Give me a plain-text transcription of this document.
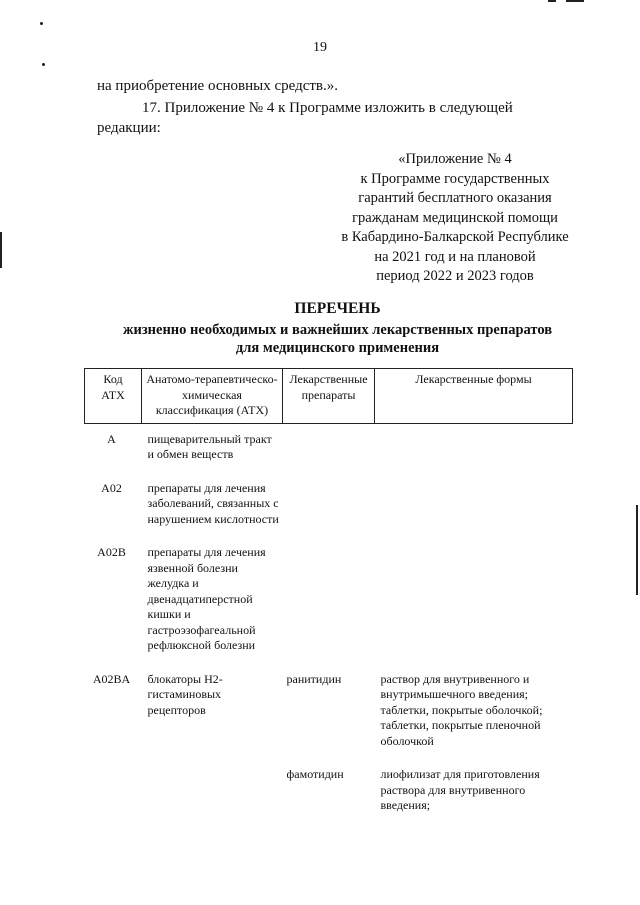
19
на приобретение основных средств.».
17. Приложение № 4 к Программе изложить в следующей
редакции:
«Приложение № 4
к Программе государственных
гарантий бесплатного оказания
гражданам медицинской помощи
в Кабардино-Балкарской Республике
на 2021 год и на плановой
период 2022 и 2023 годов
ПЕРЕЧЕНЬ
жизненно необходимых и важнейших лекарственных препаратов
для медицинского применения
Код АТХ	Анатомо-терапевтическо-химическая классификация (АТХ)	Лекарственные препараты	Лекарственные формы
A	пищеварительный тракт и обмен веществ		
A02	препараты для лечения заболеваний, связанных с нарушением кислотности		
A02B	препараты для лечения язвенной болезни желудка и двенадцатиперстной кишки и гастроэзофагеальной рефлюксной болезни		
A02BA	блокаторы H2-гистаминовых рецепторов	ранитидин	раствор для внутривенного и внутримышечного введения; таблетки, покрытые оболочкой; таблетки, покрытые пленочной оболочкой
		фамотидин	лиофилизат для приготовления раствора для внутривенного введения;
